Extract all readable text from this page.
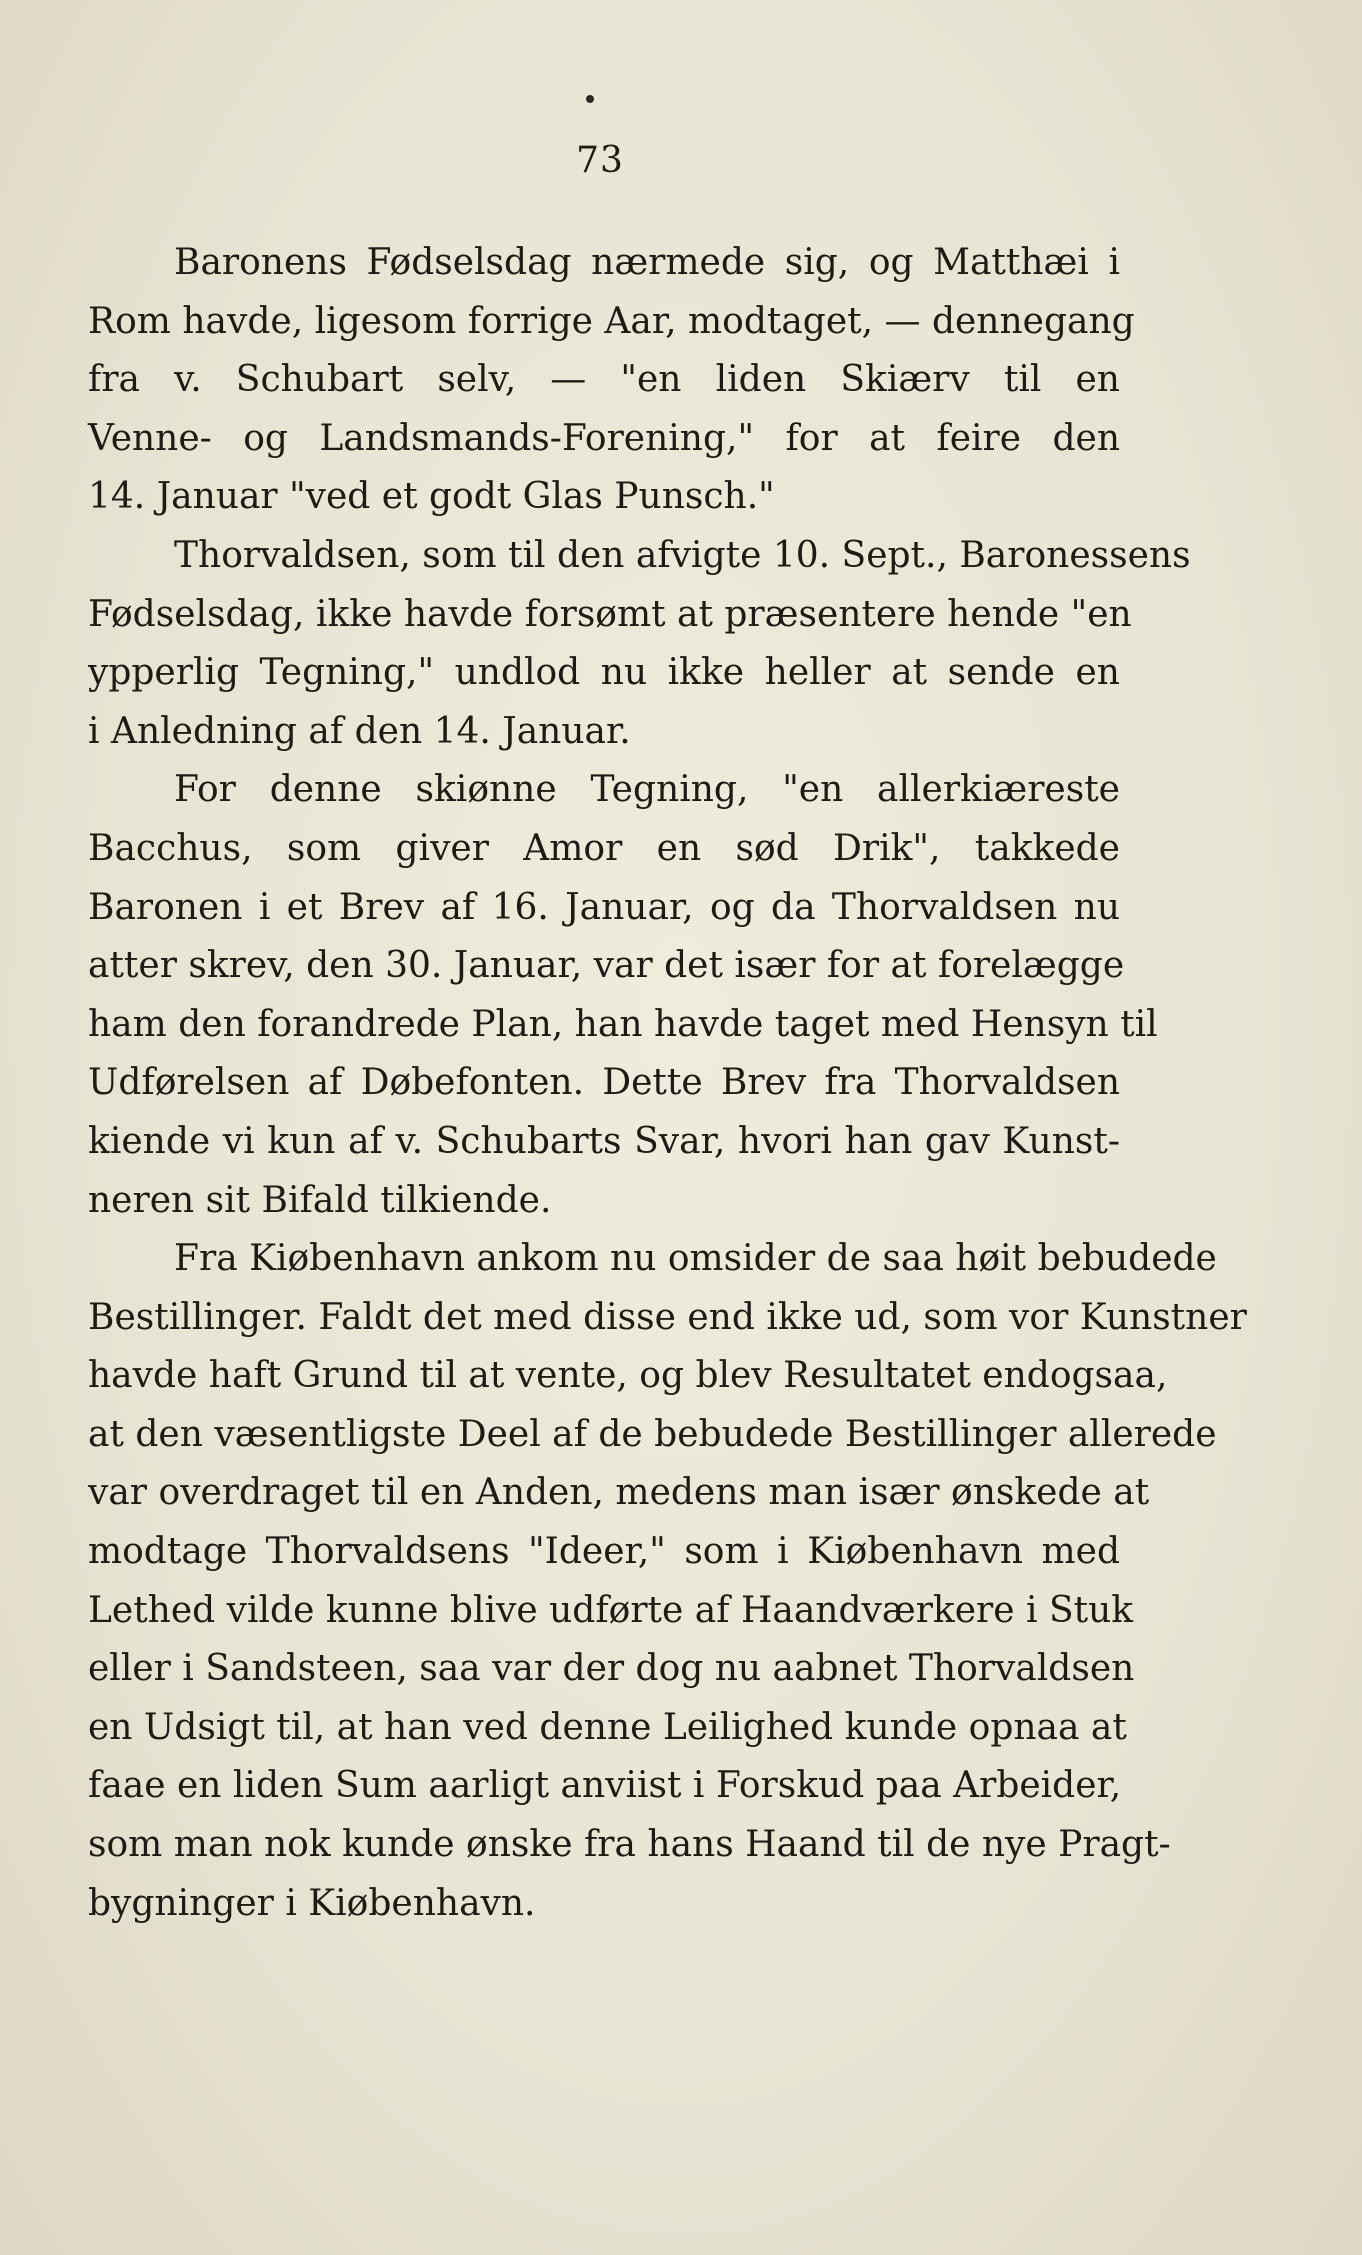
73
Baronens Fødselsdag nærmede sig, og Matthæi i
Rom havde, ligesom forrige Aar, modtaget, — dennegang
fra v. Schubart selv, — "en liden Skiærv til en
Venne- og Landsmands-Forening," for at feire den
14. Januar "ved et godt Glas Punsch."
Thorvaldsen, som til den afvigte 10. Sept., Baronessens
Fødselsdag, ikke havde forsømt at præsentere hende "en
ypperlig Tegning," undlod nu ikke heller at sende en
i Anledning af den 14. Januar.
For denne skiønne Tegning, "en allerkiæreste
Bacchus, som giver Amor en sød Drik", takkede
Baronen i et Brev af 16. Januar, og da Thorvaldsen nu
atter skrev, den 30. Januar, var det især for at forelægge
ham den forandrede Plan, han havde taget med Hensyn til
Udførelsen af Døbefonten. Dette Brev fra Thorvaldsen
kiende vi kun af v. Schubarts Svar, hvori han gav Kunst-
neren sit Bifald tilkiende.
Fra Kiøbenhavn ankom nu omsider de saa høit bebudede
Bestillinger. Faldt det med disse end ikke ud, som vor Kunstner
havde haft Grund til at vente, og blev Resultatet endogsaa,
at den væsentligste Deel af de bebudede Bestillinger allerede
var overdraget til en Anden, medens man især ønskede at
modtage Thorvaldsens "Ideer," som i Kiøbenhavn med
Lethed vilde kunne blive udførte af Haandværkere i Stuk
eller i Sandsteen, saa var der dog nu aabnet Thorvaldsen
en Udsigt til, at han ved denne Leilighed kunde opnaa at
faae en liden Sum aarligt anviist i Forskud paa Arbeider,
som man nok kunde ønske fra hans Haand til de nye Pragt-
bygninger i Kiøbenhavn.
